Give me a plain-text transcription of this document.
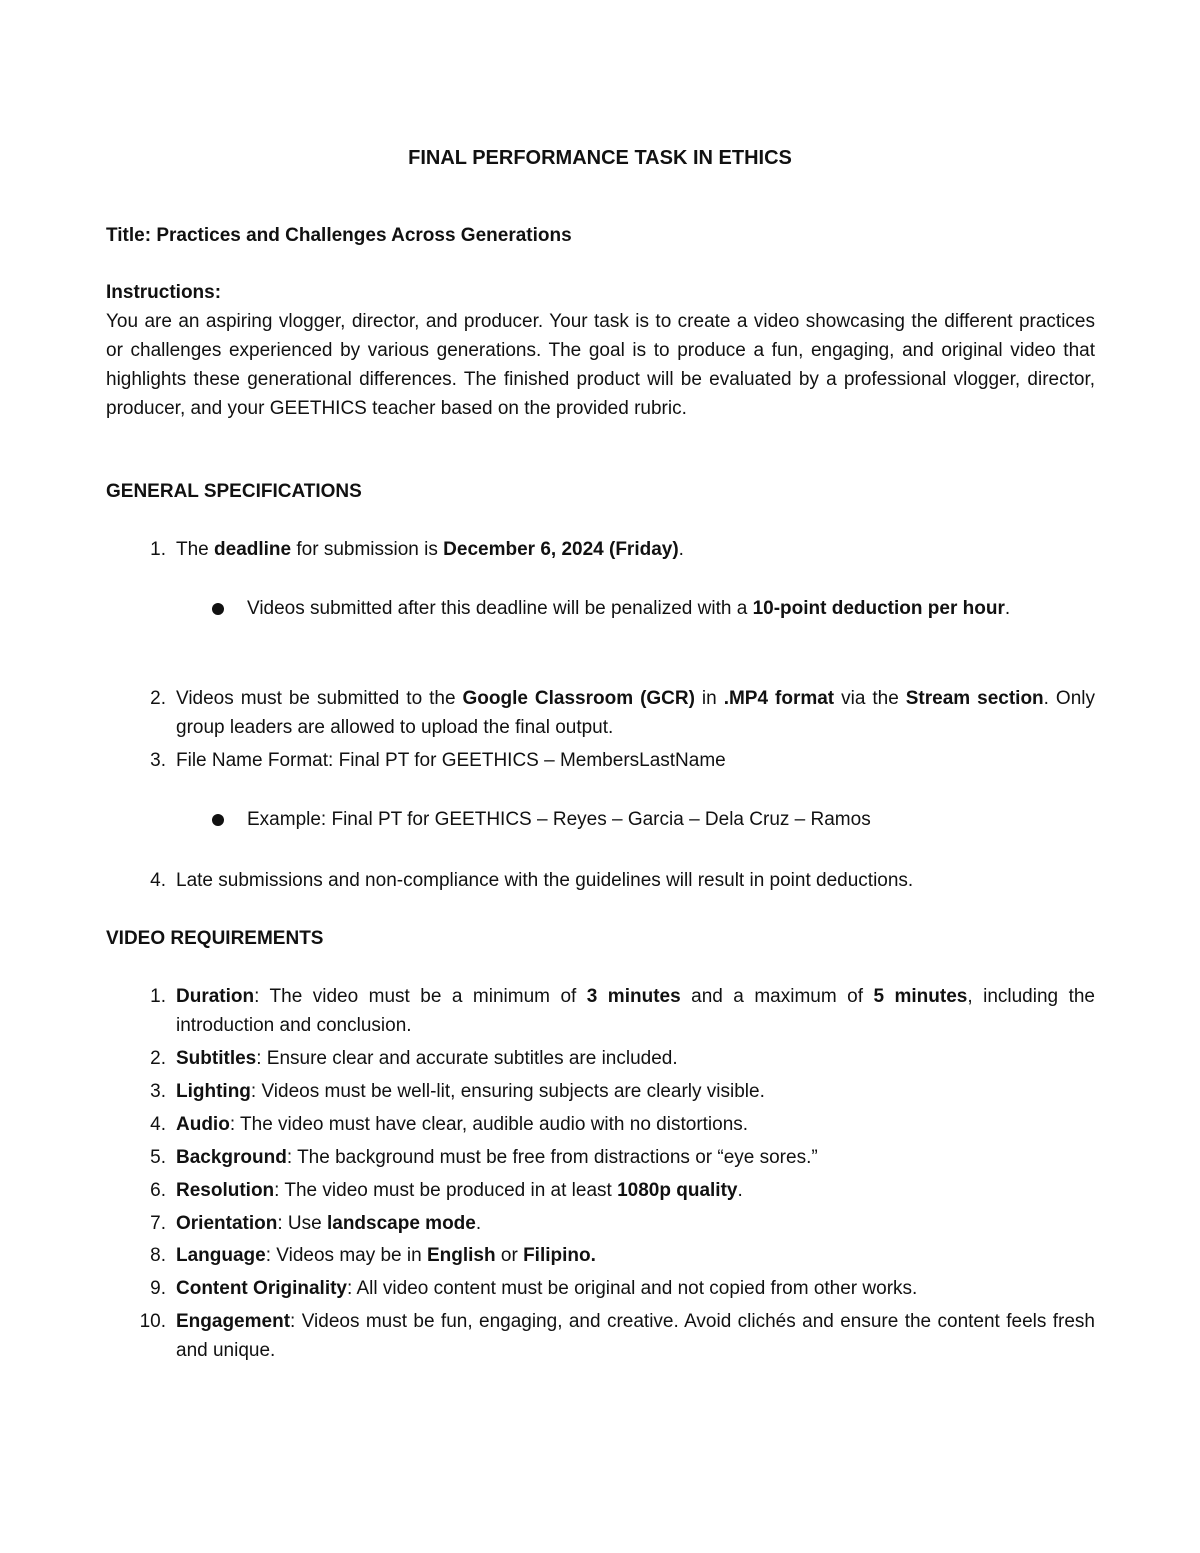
FINAL PERFORMANCE TASK IN ETHICS

Title: Practices and Challenges Across Generations

Instructions:

You are an aspiring vlogger, director, and producer. Your task is to create a video showcasing the different practices or challenges experienced by various generations. The goal is to produce a fun, engaging, and original video that highlights these generational differences. The finished product will be evaluated by a professional vlogger, director, producer, and your GEETHICS teacher based on the provided rubric.

GENERAL SPECIFICATIONS

1. The deadline for submission is December 6, 2024 (Friday).
Videos submitted after this deadline will be penalized with a 10-point deduction per hour.
2. Videos must be submitted to the Google Classroom (GCR) in .MP4 format via the Stream section. Only group leaders are allowed to upload the final output.
3. File Name Format: Final PT for GEETHICS – MembersLastName
Example: Final PT for GEETHICS – Reyes – Garcia – Dela Cruz – Ramos
4. Late submissions and non-compliance with the guidelines will result in point deductions.

VIDEO REQUIREMENTS

1. Duration: The video must be a minimum of 3 minutes and a maximum of 5 minutes, including the introduction and conclusion.
2. Subtitles: Ensure clear and accurate subtitles are included.
3. Lighting: Videos must be well-lit, ensuring subjects are clearly visible.
4. Audio: The video must have clear, audible audio with no distortions.
5. Background: The background must be free from distractions or “eye sores.”
6. Resolution: The video must be produced in at least 1080p quality.
7. Orientation: Use landscape mode.
8. Language: Videos may be in English or Filipino.
9. Content Originality: All video content must be original and not copied from other works.
10. Engagement: Videos must be fun, engaging, and creative. Avoid clichés and ensure the content feels fresh and unique.
